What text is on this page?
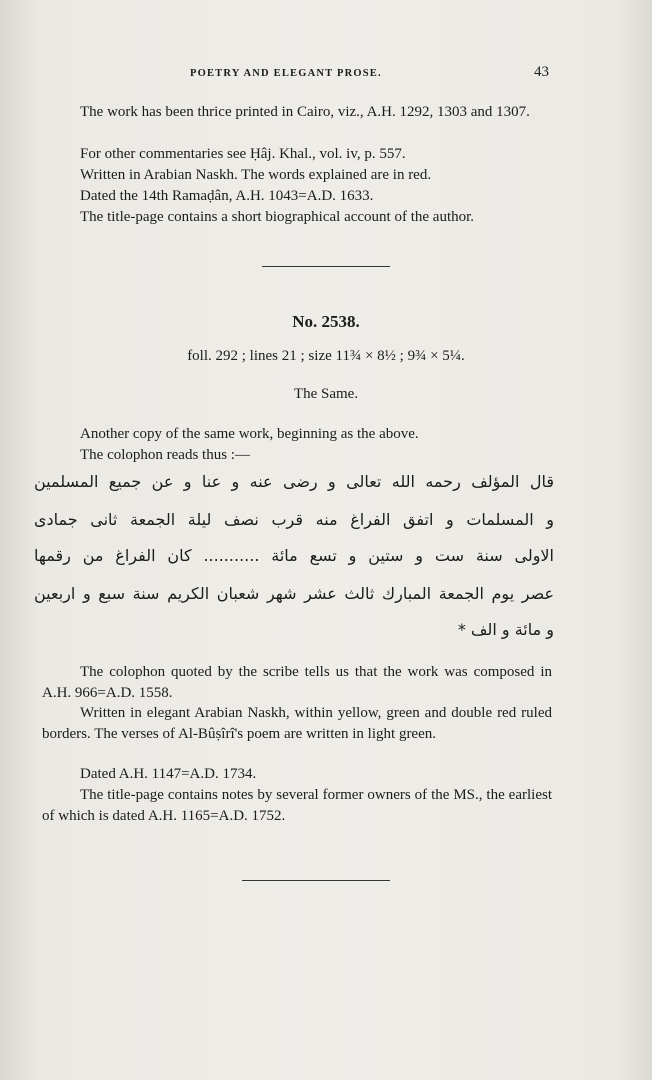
POETRY AND ELEGANT PROSE.	43

The work has been thrice printed in Cairo, viz., A.H. 1292, 1303 and 1307.

For other commentaries see Ḥâj. Khal., vol. iv, p. 557.

Written in Arabian Naskh. The words explained are in red.

Dated the 14th Ramaḍân, A.H. 1043=A.D. 1633.

The title-page contains a short biographical account of the author.

No. 2538.
foll. 292 ; lines 21 ; size 11¾ × 8½ ; 9¾ × 5¼.
The Same.

Another copy of the same work, beginning as the above.

The colophon reads thus :—

قال المؤلف رحمه الله تعالى و رضى عنه و عنا و عن جميع المسلمين
و المسلمات و اتفق الفراغ منه قرب نصف ليلة الجمعة ثانى جمادى
الاولى سنة ست و ستين و تسع مائة ........... كان الفراغ من رقمها
عصر يوم الجمعة المبارك ثالث عشر شهر شعبان الكريم سنة سبع و اربعين
و مائة و الف *

The colophon quoted by the scribe tells us that the work was composed in A.H. 966=A.D. 1558.

Written in elegant Arabian Naskh, within yellow, green and double red ruled borders. The verses of Al-Bûṣîrî's poem are written in light green.

Dated A.H. 1147=A.D. 1734.

The title-page contains notes by several former owners of the MS., the earliest of which is dated A.H. 1165=A.D. 1752.
